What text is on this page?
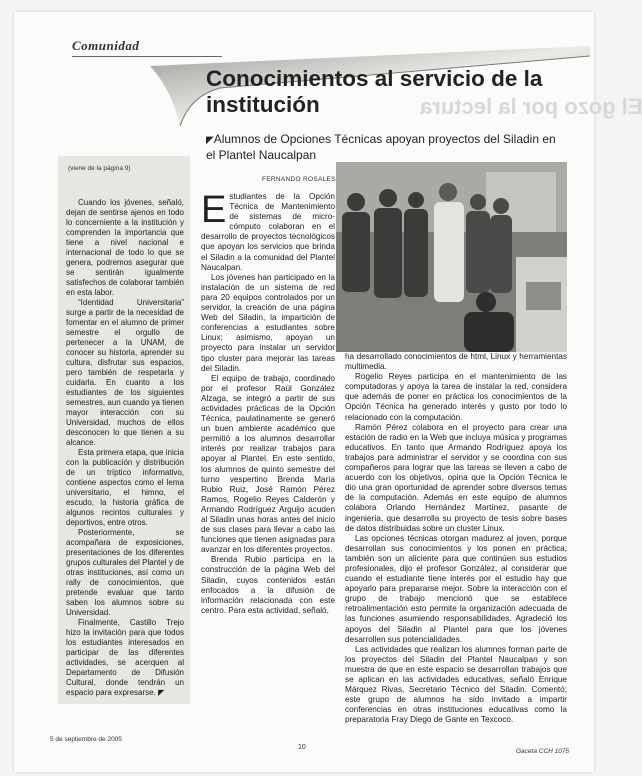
El gozo por la lectura
Comunidad
Conocimientos al servicio de la institución

◤Alumnos de Opciones Técnicas apoyan proyectos del Siladin en el Plantel Naucalpan

FERNANDO ROSALES
(viene de la página 9)

Cuando los jóvenes, señaló, dejan de sentirse ajenos en todo lo concerniente a la institución y comprenden la importancia que tiene a nivel nacional e internacional de todo lo que se genera, podremos asegurar que se sentirán igualmente satisfechos de colaborar también en esta labor.

“Identidad Universitaria” surge a partir de la necesidad de fomentar en el alumno de primer semestre el orgullo de pertenecer a la UNAM, de conocer su historia, aprender su cultura, disfrutar sus espacios, pero también de respetarla y cuidarla. En cuanto a los estudiantes de los siguientes semestres, aun cuando ya tienen mayor interacción con su Universidad, muchos de ellos desconocen lo que tienen a su alcance.

Esta primera etapa, que inicia con la publicación y distribución de un tríptico informativo, contiene aspectos como el lema universitario, el himno, el escudo, la historia gráfica de algunos recintos culturales y deportivos, entre otros.

Posteriormente, se acompañara de exposiciones, presentaciones de los diferentes grupos culturales del Plantel y de otras instituciones, así como un rally de conocimientos, que pretende evaluar que tanto saben los alumnos sobre su Universidad.

Finalmente, Castillo Trejo hizo la invitación para que todos los estudiantes interesados en participar de las diferentes actividades, se acerquen al Departamento de Difusión Cultural, donde tendrán un espacio para expresarse. ◤

Estudiantes de la Opción Técnica de Mantenimiento de sistemas de micro-cómputo colaboran en el desarrollo de proyectos tecnológicos que apoyan los servicios que brinda el Siladin a la comunidad del Plantel Naucalpan.

Los jóvenes han participado en la instalación de un sistema de red para 20 equipos controlados por un servidor, la creación de una página Web del Siladin, la impartición de conferencias a estudiantes sobre Linux; asimismo, apoyan un proyecto para instalar un servidor tipo cluster para mejorar las tareas del Siladin.

El equipo de trabajo, coordinado por el profesor Raúl González Alzaga, se integró a partir de sus actividades prácticas de la Opción Técnica, paulatinamente se generó un buen ambiente académico que permitió a los alumnos desarrollar interés por realizar trabajos para apoyar al Plantel. En este sentido, los alumnos de quinto semestre del turno vespertino Brenda María Rubio Ruiz, José Ramón Pérez Ramos, Rogelio Reyes Calderón y Armando Rodríguez Arguijo acuden al Siladin unas horas antes del inicio de sus clases para llevar a cabo las funciones que tienen asignadas para avanzar en los diferentes proyectos.

Brenda Rubio participa en la construcción de la página Web del Siladin, cuyos contenidos están enfocados a la difusión de información relacionada con este centro. Para esta actividad, señaló,

ha desarrollado conocimientos de html, Linux y herramientas multimedia.

Rogelio Reyes participa en el mantenimiento de las computadoras y apoya la tarea de instalar la red, considera que además de poner en práctica los conocimientos de la Opción Técnica ha generado interés y gusto por todo lo relacionado con la computación.

Ramón Pérez colabora en el proyecto para crear una estación de radio en la Web que incluya música y programas educativos. En tanto que Armando Rodríguez apoya los trabajos para administrar el servidor y se coordina con sus compañeros para lograr que las tareas se lleven a cabo de acuerdo con los objetivos, opina que la Opción Técnica le dio una gran oportunidad de aprender sobre diversos temas de la computación. Además en este equipo de alumnos colabora Orlando Hernández Martínez, pasante de ingeniería, que desarrolla su proyecto de tesis sobre bases de datos distribuidas sobre un cluster Linux.

Las opciones técnicas otorgan madurez al joven, porque desarrollan sus conocimientos y los ponen en práctica; también son un aliciente para que continúen sus estudios profesionales, dijo el profesor González, al considerar que cuando el estudiante tiene interés por el estudio hay que apoyarlo para prepararse mejor. Sobre la interacción con el grupo de trabajo mencionó que se establece retroalimentación esto permite la organización adecuada de las funciones asumiendo responsabilidades. Agradeció los apoyos del Siladin al Plantel para que los jóvenes desarrollen sus potencialidades.

Las actividades que realizan los alumnos forman parte de los proyectos del Siladin del Plantel Naucalpan y son muestra de que en este espacio se desarrollan trabajos que se aplican en las actividades educativas, señaló Enrique Márquez Rivas, Secretario Técnico del Siladin. Comentó; este grupo de alumnos ha sido invitado a impartir conferencias en otras instituciones educativas como la preparatoria Fray Diego de Gante en Texcoco.

5 de septiembre de 2005
10
Gaceta CCH 1075
